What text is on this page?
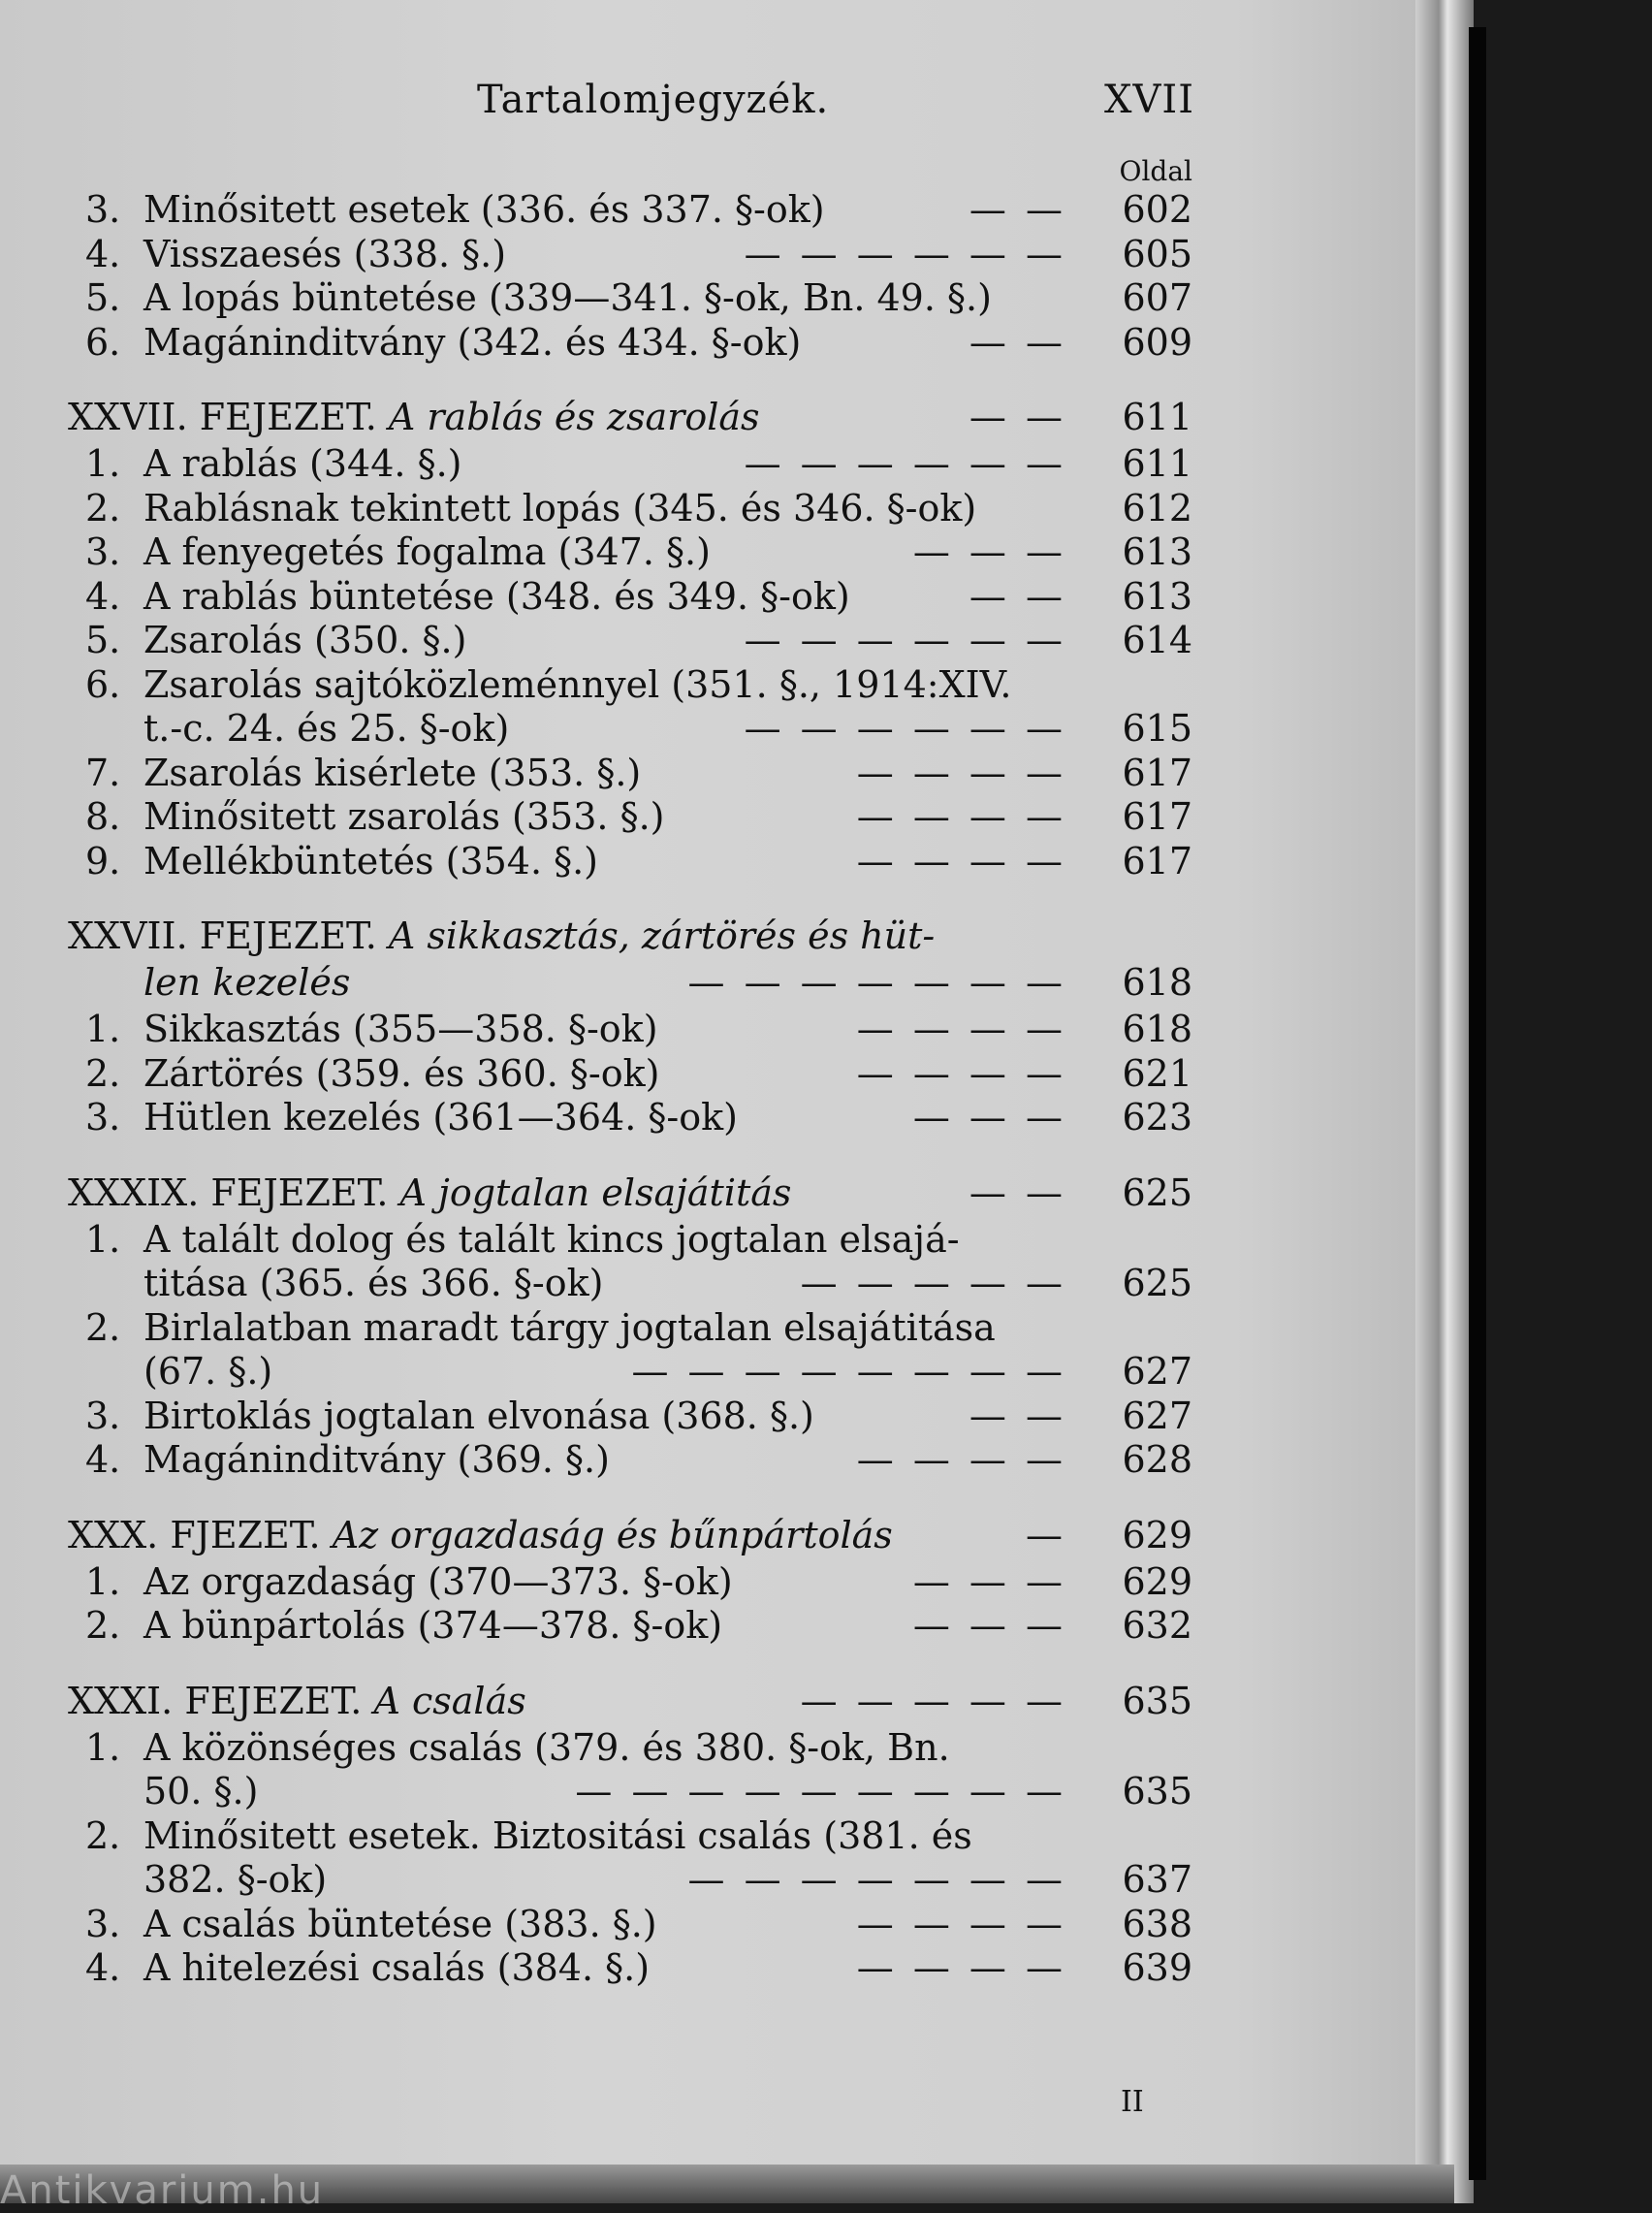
Tartalomjegyzék.	XVII
Oldal
3. Minősitett esetek (336. és 337. §-ok)	— — 602
4. Visszaesés (338. §.)	— — — — — — 605
5. A lopás büntetése (339—341. §-ok, Bn. 49. §.)	607
6. Magáninditvány (342. és 434. §-ok)	— — 609
XXVII. FEJEZET. A rablás és zsarolás	— — 611
1. A rablás (344. §.)	— — — — — — 611
2. Rablásnak tekintett lopás (345. és 346. §-ok)	612
3. A fenyegetés fogalma (347. §.)	— — — 613
4. A rablás büntetése (348. és 349. §-ok)	— — 613
5. Zsarolás (350. §.)	— — — — — — 614
6. Zsarolás sajtóközleménnyel (351. §., 1914:XIV.
t.-c. 24. és 25. §-ok)	— — — — — — 615
7. Zsarolás kisérlete (353. §.)	— — — — 617
8. Minősitett zsarolás (353. §.)	— — — — 617
9. Mellékbüntetés (354. §.)	— — — — 617
XXVII. FEJEZET. A sikkasztás, zártörés és hüt-
len kezelés	— — — — — — — 618
1. Sikkasztás (355—358. §-ok)	— — — — 618
2. Zártörés (359. és 360. §-ok)	— — — — 621
3. Hütlen kezelés (361—364. §-ok)	— — — 623
XXXIX. FEJEZET. A jogtalan elsajátitás	— — 625
1. A talált dolog és talált kincs jogtalan elsajá-
titása (365. és 366. §-ok)	— — — — — 625
2. Birlalatban maradt tárgy jogtalan elsajátitása
(67. §.)	— — — — — — — — 627
3. Birtoklás jogtalan elvonása (368. §.)	— — 627
4. Magáninditvány (369. §.)	— — — — 628
XXX. FJEZET. Az orgazdaság és bűnpártolás	— 629
1. Az orgazdaság (370—373. §-ok)	— — — 629
2. A bünpártolás (374—378. §-ok)	— — — 632
XXXI. FEJEZET. A csalás	— — — — — 635
1. A közönséges csalás (379. és 380. §-ok, Bn.
50. §.)	— — — — — — — — — 635
2. Minősitett esetek. Biztositási csalás (381. és
382. §-ok)	— — — — — — — 637
3. A csalás büntetése (383. §.)	— — — — 638
4. A hitelezési csalás (384. §.)	— — — — 639
II
Antikvarium.hu
